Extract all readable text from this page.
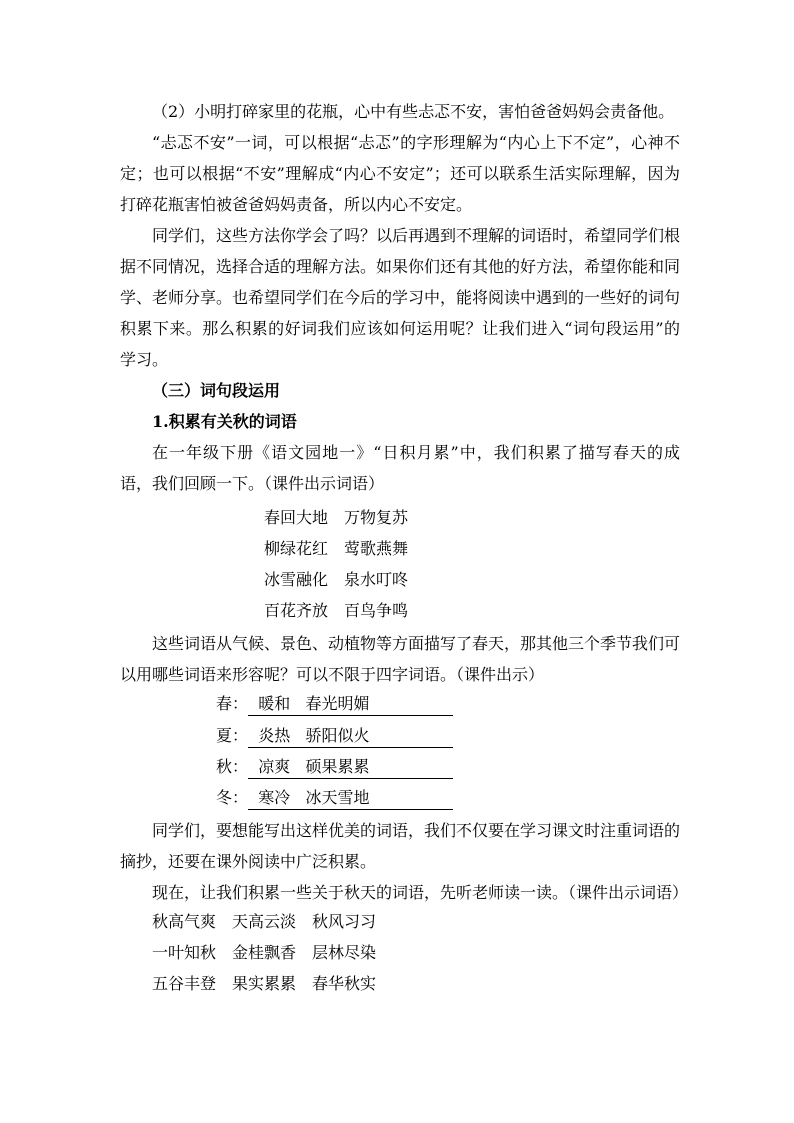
（2）小明打碎家里的花瓶，心中有些忐忑不安，害怕爸爸妈妈会责备他。

“忐忑不安”一词，可以根据“忐忑”的字形理解为“内心上下不定”，心神不定；也可以根据“不安”理解成“内心不安定”；还可以联系生活实际理解，因为打碎花瓶害怕被爸爸妈妈责备，所以内心不安定。

同学们，这些方法你学会了吗？以后再遇到不理解的词语时，希望同学们根据不同情况，选择合适的理解方法。如果你们还有其他的好方法，希望你能和同学、老师分享。也希望同学们在今后的学习中，能将阅读中遇到的一些好的词句积累下来。那么积累的好词我们应该如何运用呢？让我们进入“词句段运用”的学习。

（三）词句段运用

1.积累有关秋的词语

在一年级下册《语文园地一》“日积月累”中，我们积累了描写春天的成语，我们回顾一下。（课件出示词语）

春回大地 万物复苏
柳绿花红 莺歌燕舞
冰雪融化 泉水叮咚
百花齐放 百鸟争鸣

这些词语从气候、景色、动植物等方面描写了春天，那其他三个季节我们可以用哪些词语来形容呢？可以不限于四字词语。（课件出示）

春： 暖和 春光明媚
夏： 炎热 骄阳似火
秋： 凉爽 硕果累累
冬： 寒冷 冰天雪地

同学们，要想能写出这样优美的词语，我们不仅要在学习课文时注重词语的摘抄，还要在课外阅读中广泛积累。

现在，让我们积累一些关于秋天的词语，先听老师读一读。（课件出示词语）

秋高气爽 天高云淡 秋风习习
一叶知秋 金桂飘香 层林尽染
五谷丰登 果实累累 春华秋实
